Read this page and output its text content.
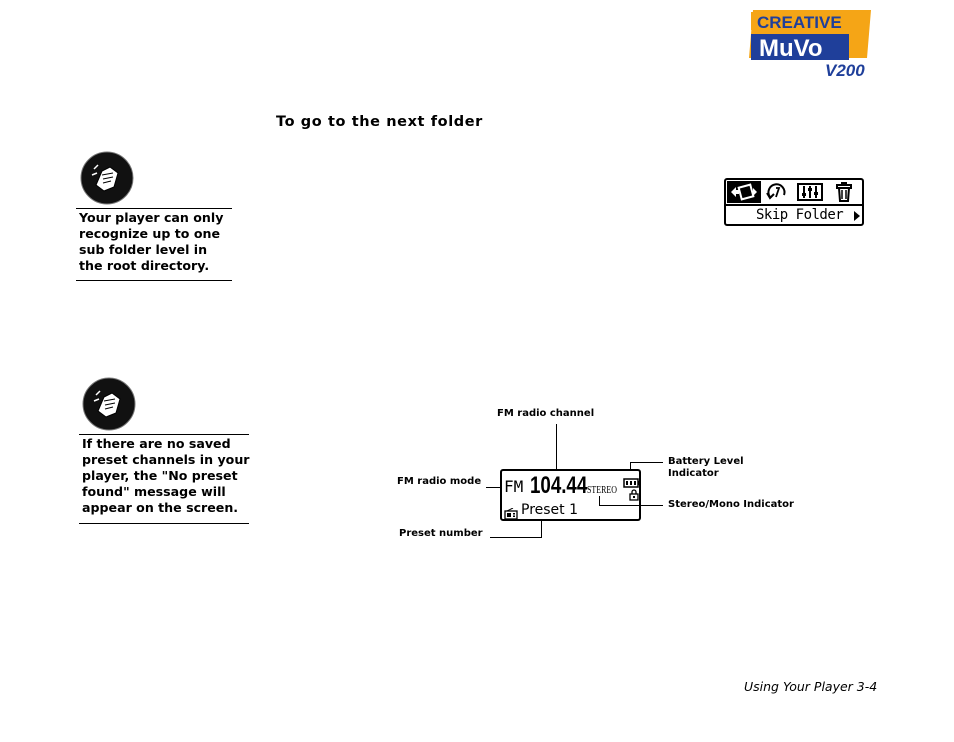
CREATIVE
MuVo
V200
To go to the next folder
Your player can only
recognize up to one
sub folder level in
the root directory.
If there are no saved
preset channels in your
player, the "No preset
found" message will
appear on the screen.
Skip Folder
FM 104.44 STEREO
Preset 1
FM radio channel
FM radio mode
Preset number
Battery Level
Indicator
Stereo/Mono Indicator
Using Your Player 3-4
